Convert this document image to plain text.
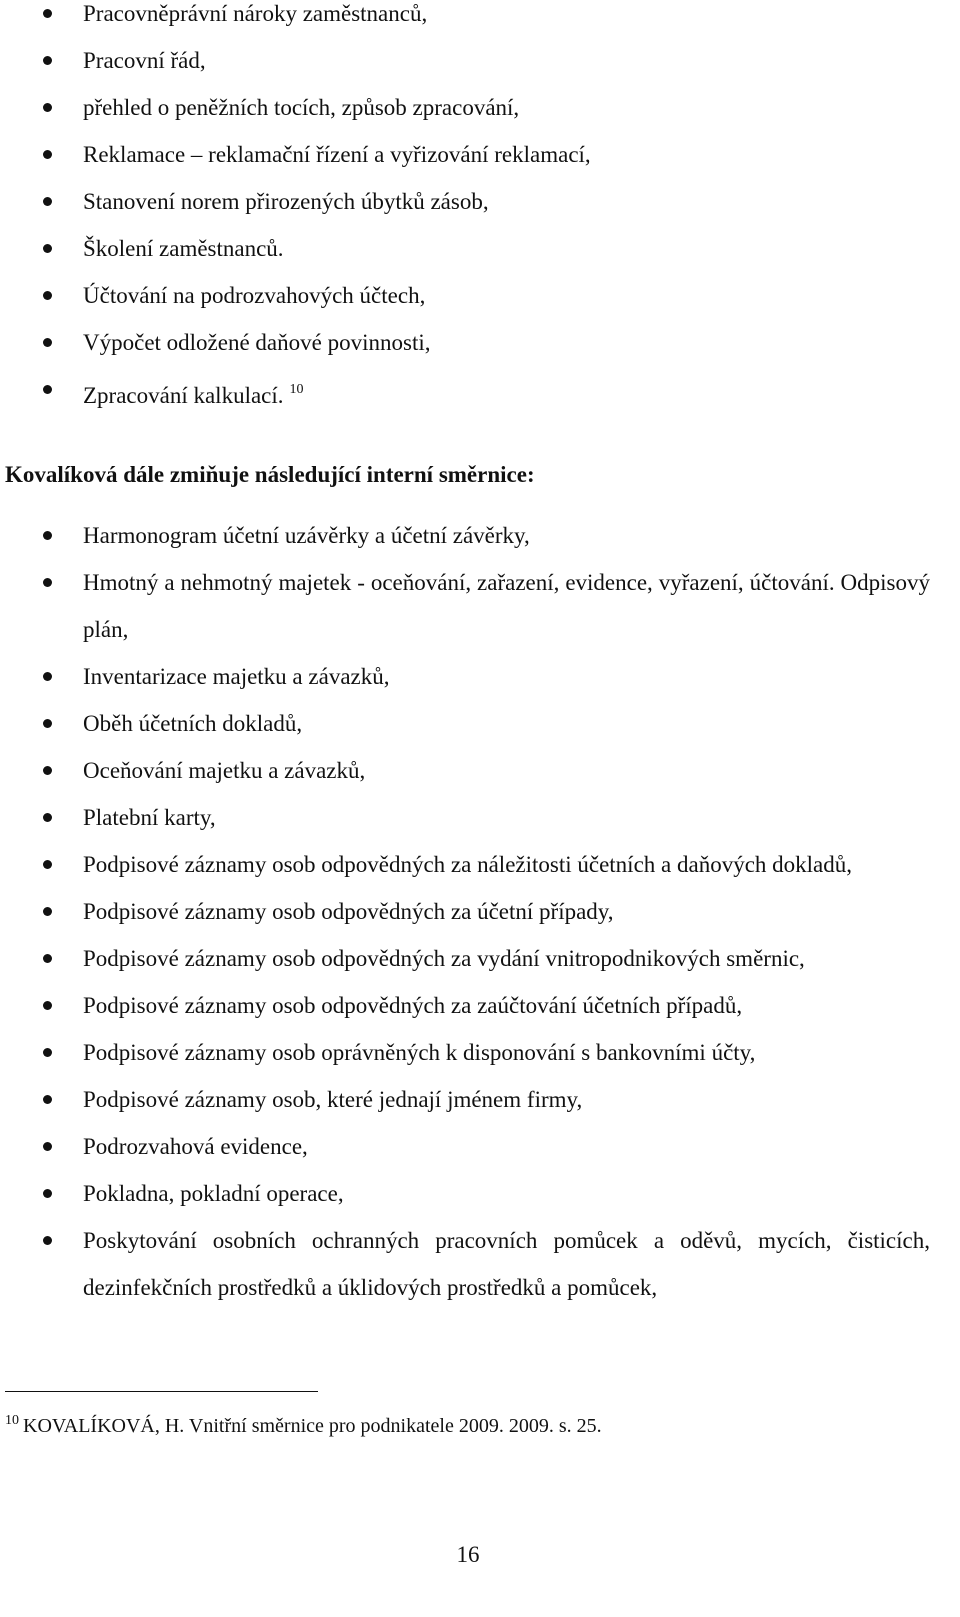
Pracovněprávní nároky zaměstnanců,
Pracovní řád,
přehled o peněžních tocích, způsob zpracování,
Reklamace – reklamační řízení a vyřizování reklamací,
Stanovení norem přirozených úbytků zásob,
Školení zaměstnanců.
Účtování na podrozvahových účtech,
Výpočet odložené daňové povinnosti,
Zpracování kalkulací. $^{10}$
Kovalíková dále zmiňuje následující interní směrnice:
Harmonogram účetní uzávěrky a účetní závěrky,
Hmotný a nehmotný majetek - oceňování, zařazení, evidence, vyřazení, účtování. Odpisový plán,
Inventarizace majetku a závazků,
Oběh účetních dokladů,
Oceňování majetku a závazků,
Platební karty,
Podpisové záznamy osob odpovědných za náležitosti účetních a daňových dokladů,
Podpisové záznamy osob odpovědných za účetní případy,
Podpisové záznamy osob odpovědných za vydání vnitropodnikových směrnic,
Podpisové záznamy osob odpovědných za zaúčtování účetních případů,
Podpisové záznamy osob oprávněných k disponování s bankovními účty,
Podpisové záznamy osob, které jednají jménem firmy,
Podrozvahová evidence,
Pokladna, pokladní operace,
Poskytování osobních ochranných pracovních pomůcek a oděvů, mycích, čisticích, dezinfekčních prostředků a úklidových prostředků a pomůcek,
$^{10}$ KOVALÍKOVÁ, H. Vnitřní směrnice pro podnikatele 2009. 2009. s. 25.
16
